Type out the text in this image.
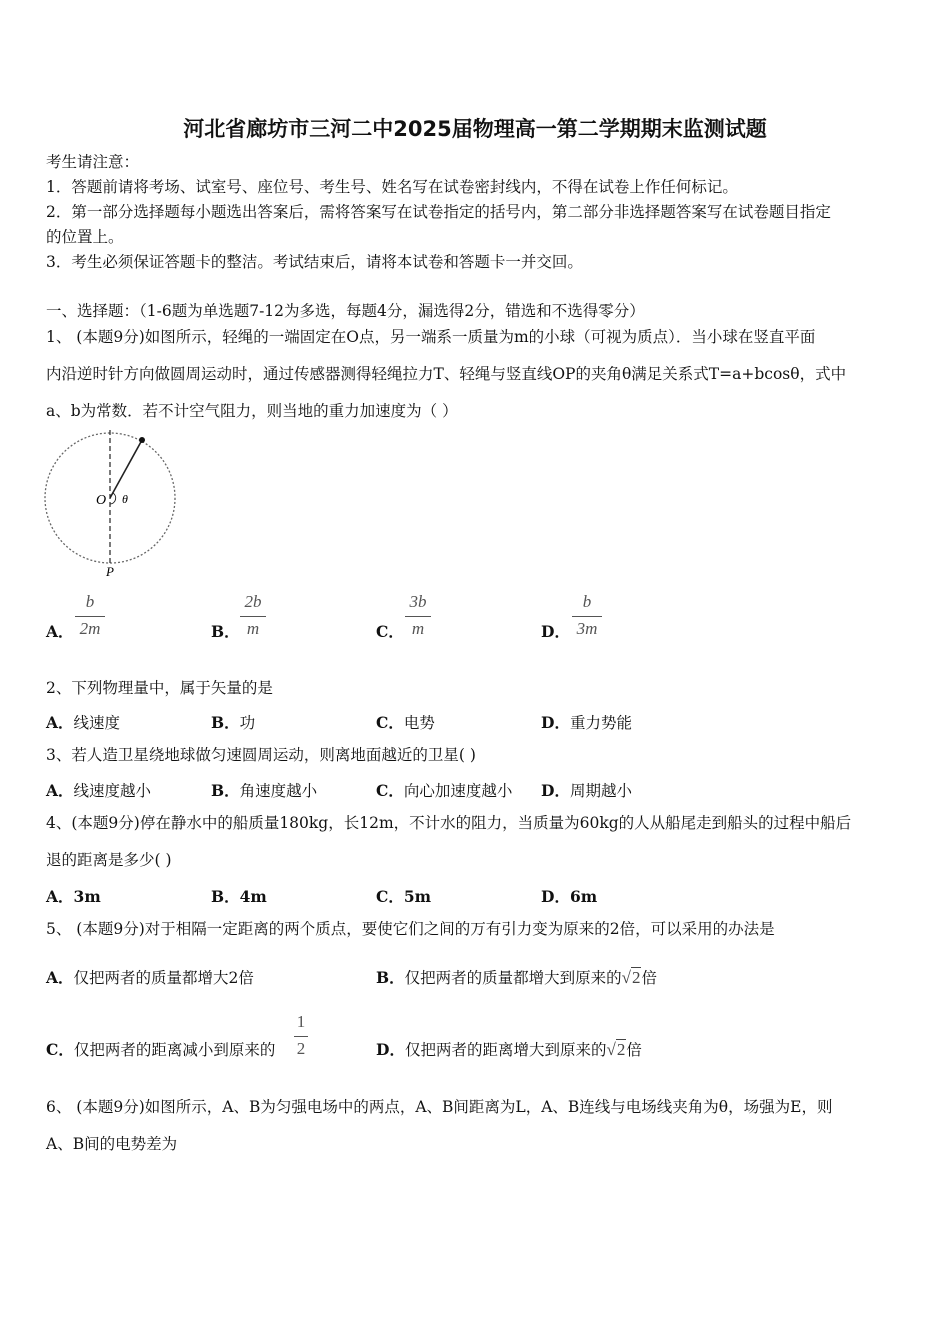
河北省廊坊市三河二中2025届物理高一第二学期期末监测试题
考生请注意：
1．答题前请将考场、试室号、座位号、考生号、姓名写在试卷密封线内，不得在试卷上作任何标记。
2．第一部分选择题每小题选出答案后，需将答案写在试卷指定的括号内，第二部分非选择题答案写在试卷题目指定
的位置上。
3．考生必须保证答题卡的整洁。考试结束后，请将本试卷和答题卡一并交回。
一、选择题：（1-6题为单选题7-12为多选，每题4分，漏选得2分，错选和不选得零分）
1、 (本题9分)如图所示，轻绳的一端固定在O点，另一端系一质量为m的小球（可视为质点）．当小球在竖直平面
内沿逆时针方向做圆周运动时，通过传感器测得轻绳拉力T、轻绳与竖直线OP的夹角θ满足关系式T=a+bcosθ，式中
a、b为常数．若不计空气阻力，则当地的重力加速度为（ ）
O θ
P
A．
b
2m	B．
2b
m	C．
3b
m	D．
b
3m
2、下列物理量中，属于矢量的是
A．线速度	B．功	C．电势	D．重力势能
3、若人造卫星绕地球做匀速圆周运动，则离地面越近的卫星( )
A．线速度越小	B．角速度越小	C．向心加速度越小 D．周期越小
4、(本题9分)停在静水中的船质量180kg，长12m，不计水的阻力，当质量为60kg的人从船尾走到船头的过程中船后
退的距离是多少( )
A．3m	B．4m	C．5m	D．6m
5、 (本题9分)对于相隔一定距离的两个质点，要使它们之间的万有引力变为原来的2倍，可以采用的办法是
A．仅把两者的质量都增大2倍	B．仅把两者的质量都增大到原来的√2倍
C．仅把两者的距离减小到原来的
1
2	D．仅把两者的距离增大到原来的√2倍
6、 (本题9分)如图所示，A、B为匀强电场中的两点，A、B间距离为L，A、B连线与电场线夹角为θ，场强为E，则
A、B间的电势差为
